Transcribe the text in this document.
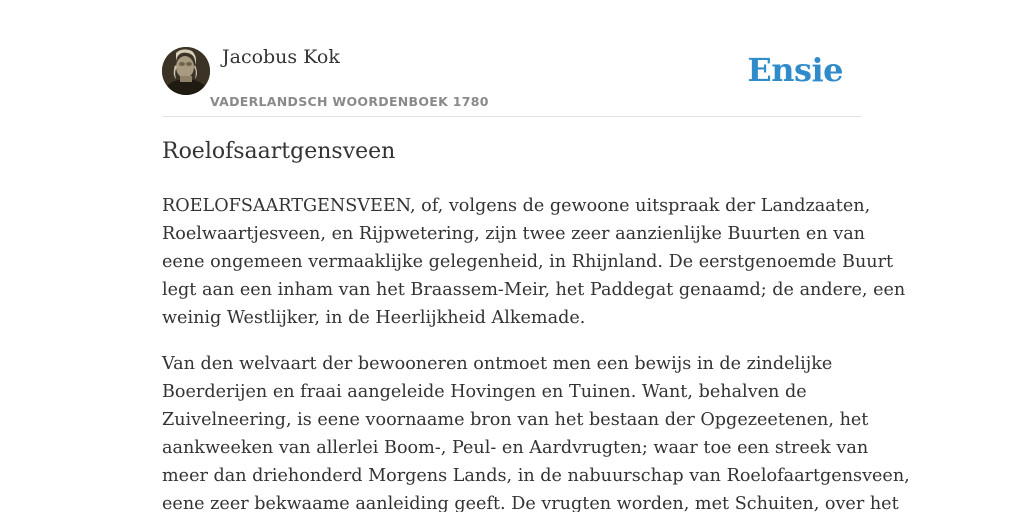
Jacobus Kok
VADERLANDSCH WOORDENBOEK 1780
Ensie
Roelofsaartgensveen

ROELOFSAARTGENSVEEN, of, volgens de gewoone uitspraak der Landzaaten,
Roelwaartjesveen, en Rijpwetering, zijn twee zeer aanzienlijke Buurten en van
eene ongemeen vermaaklijke gelegenheid, in Rhijnland. De eerstgenoemde Buurt
legt aan een inham van het Braassem-Meir, het Paddegat genaamd; de andere, een
weinig Westlijker, in de Heerlijkheid Alkemade.

Van den welvaart der bewooneren ontmoet men een bewijs in de zindelijke
Boerderijen en fraai aangeleide Hovingen en Tuinen. Want, behalven de
Zuivelneering, is eene voornaame bron van het bestaan der Opgezeetenen, het
aankweeken van allerlei Boom-, Peul- en Aardvrugten; waar toe een streek van
meer dan driehonderd Morgens Lands, in de nabuurschap van Roelofaartgensveen,
eene zeer bekwaame aanleiding geeft. De vrugten worden, met Schuiten, over het
